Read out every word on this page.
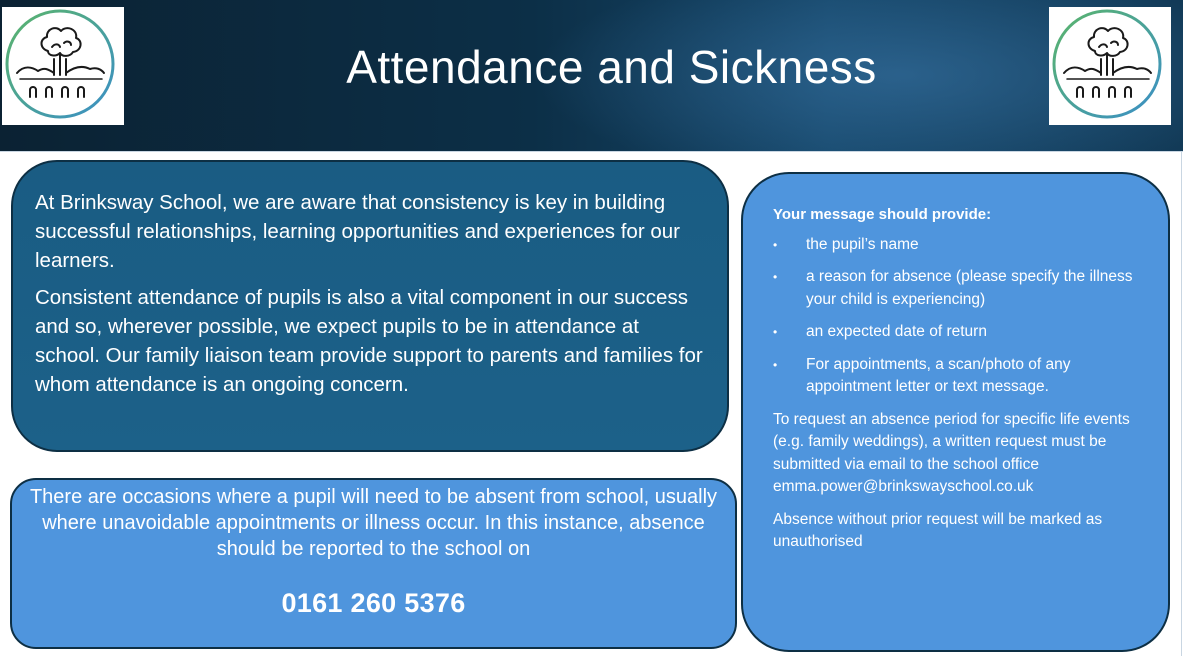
Attendance and Sickness

At Brinksway School, we are aware that consistency is key in building successful relationships, learning opportunities and experiences for our learners.

Consistent attendance of pupils is also a vital component in our success and so, wherever possible, we expect pupils to be in attendance at school. Our family liaison team provide support to parents and families for whom attendance is an ongoing concern.

There are occasions where a pupil will need to be absent from school, usually where unavoidable appointments or illness occur. In this instance, absence should be reported to the school on

0161 260 5376

Your message should provide:

• the pupil’s name
• a reason for absence (please specify the illness your child is experiencing)
• an expected date of return
• For appointments, a scan/photo of any appointment letter or text message.

To request an absence period for specific life events (e.g. family weddings), a written request must be submitted via email to the school office emma.power@brinkswayschool.co.uk

Absence without prior request will be marked as unauthorised
